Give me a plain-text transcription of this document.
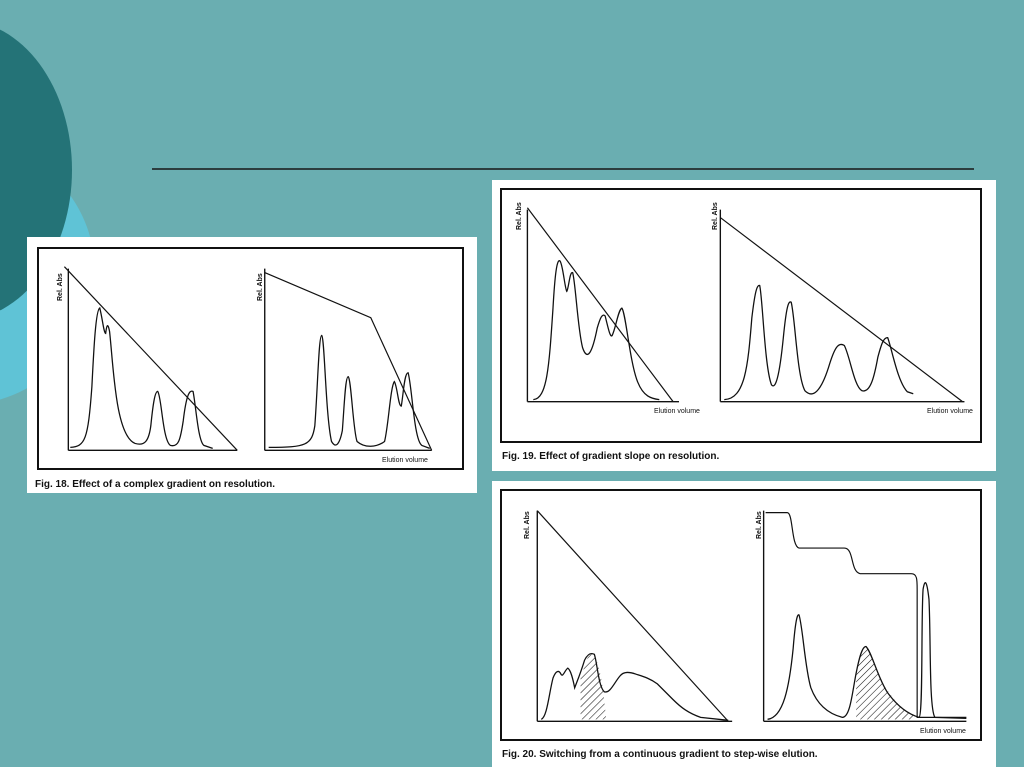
Rel. Abs	Rel. Abs
Elution volume
Fig. 18. Effect of a complex gradient on resolution.
Rel. Abs	Rel. Abs
Elution volume	Elution volume
Fig. 19. Effect of gradient slope on resolution.
Rel. Abs	Rel. Abs
Elution volume
Fig. 20. Switching from a continuous gradient to step-wise elution.
